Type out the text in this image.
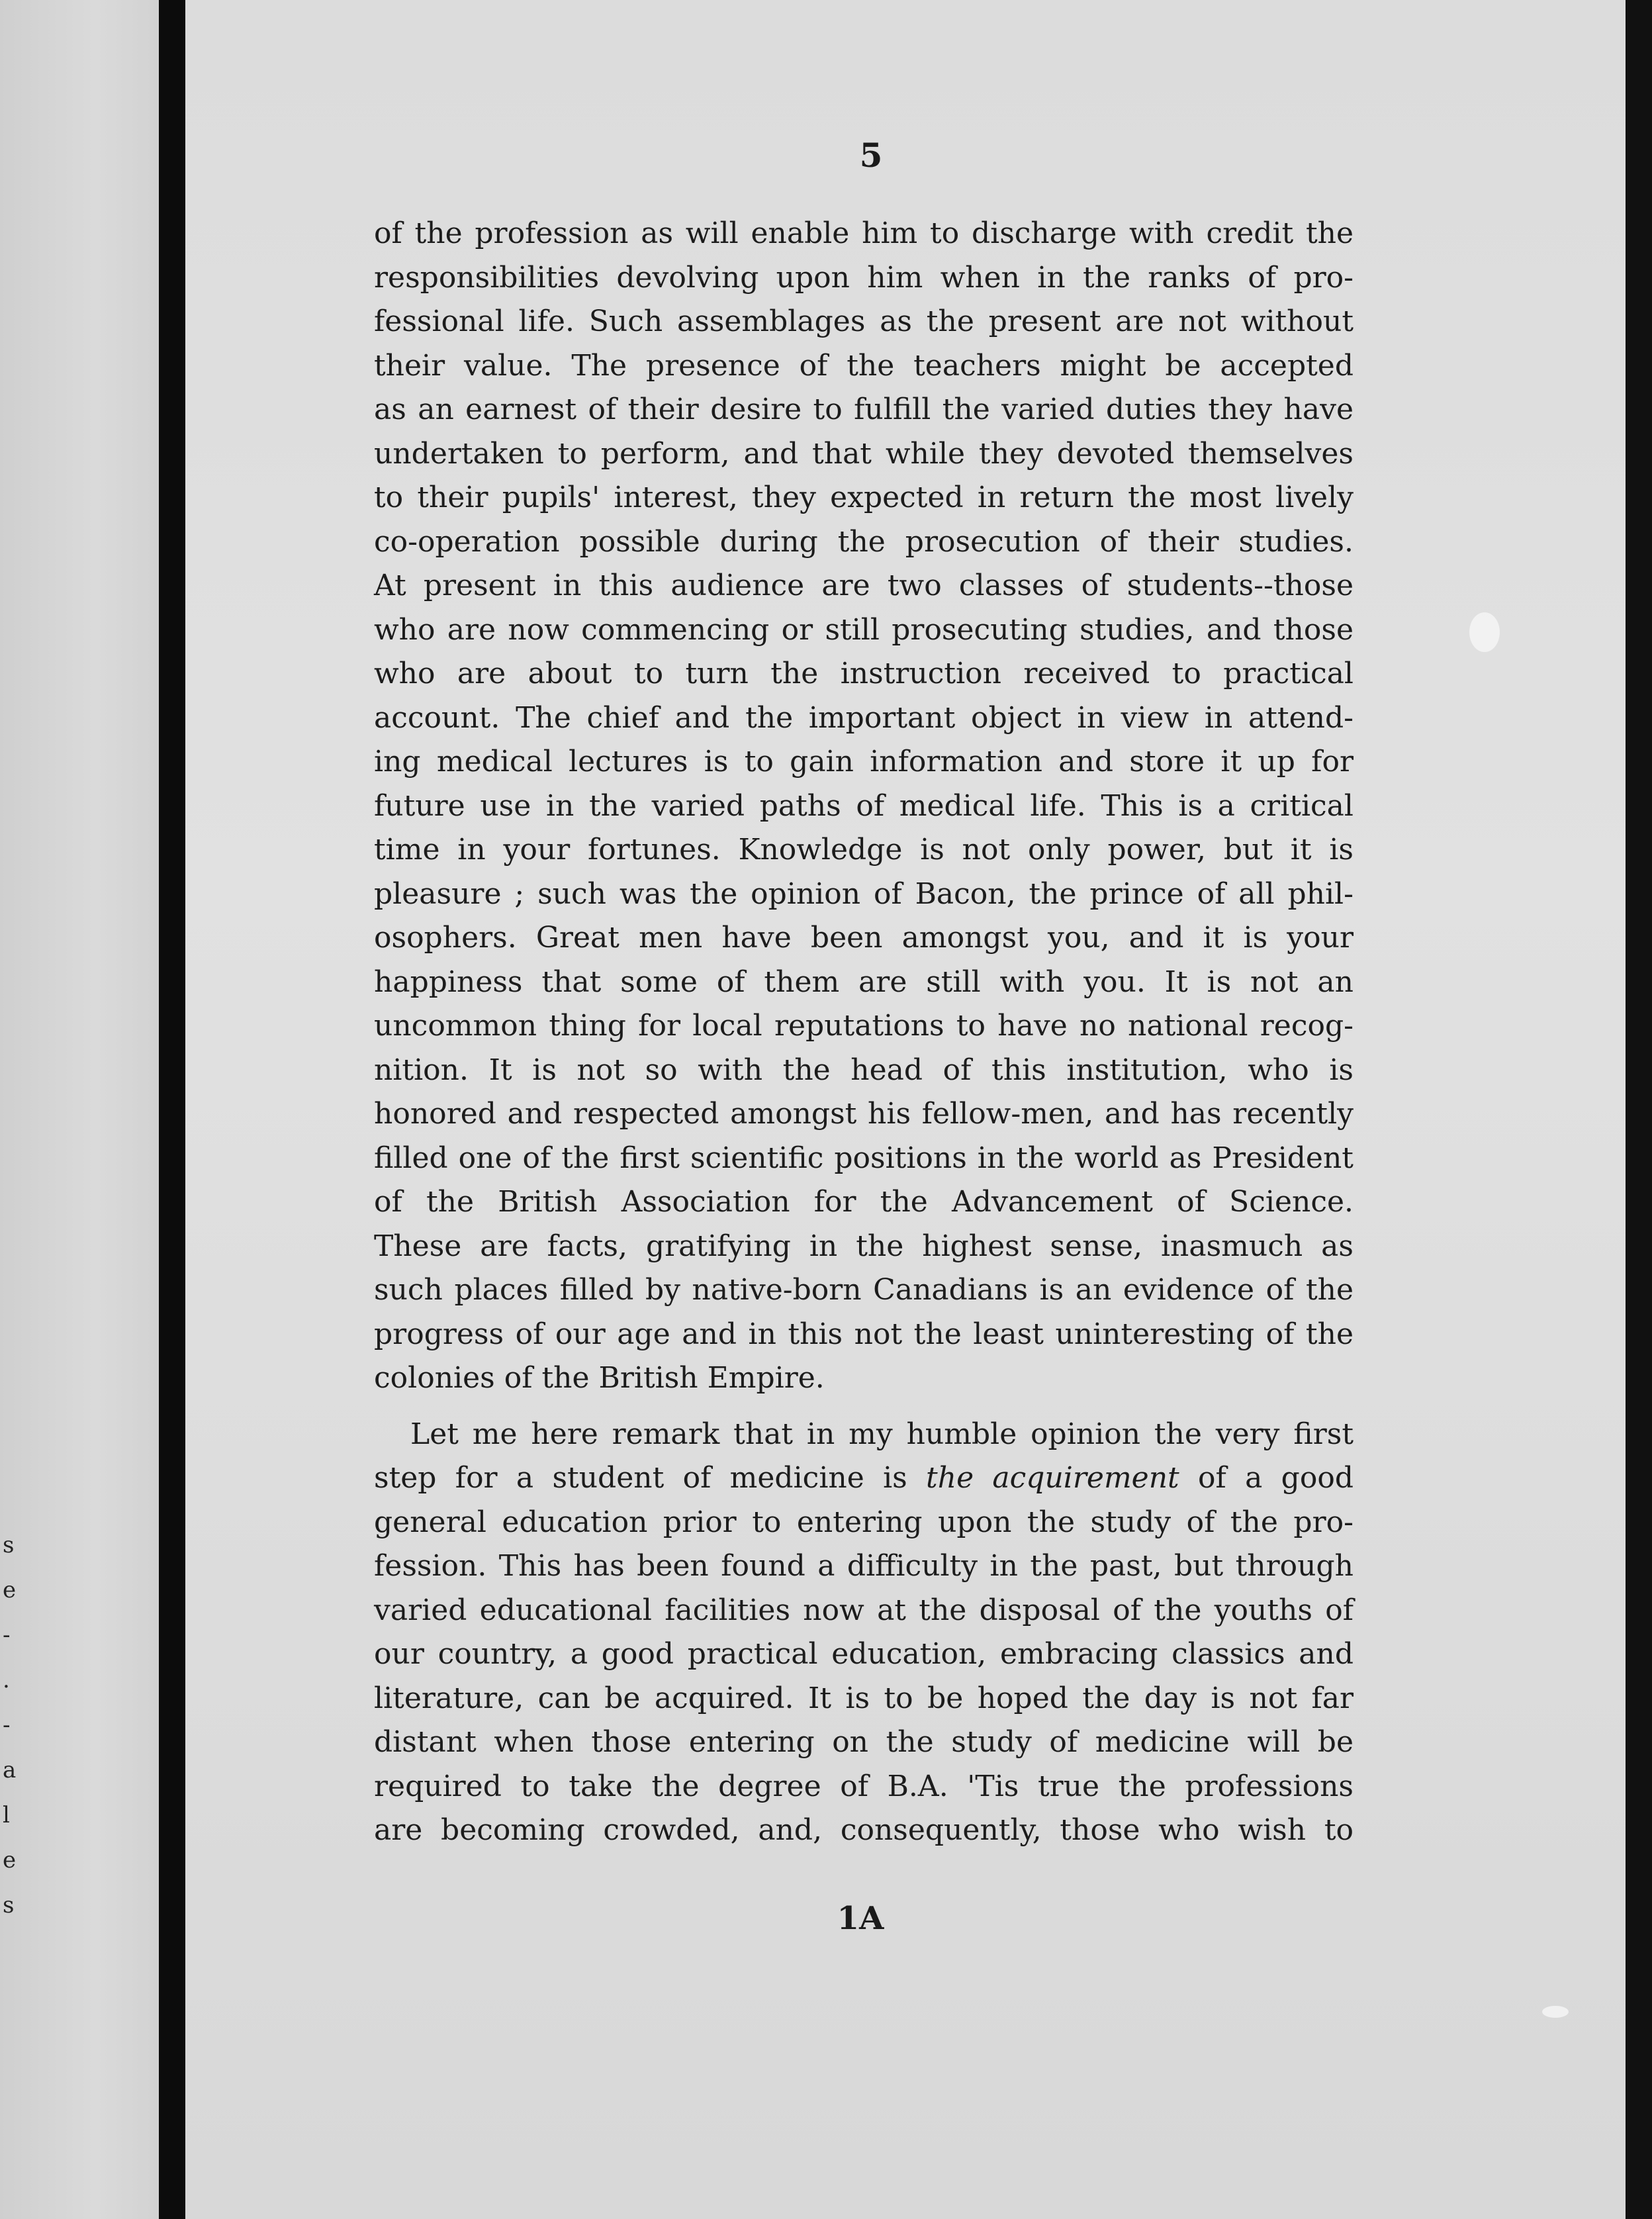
s
e
-
.
-
a
l
e
s
5

of the profession as will enable him to discharge with credit the
responsibilities devolving upon him when in the ranks of pro-
fessional life. Such assemblages as the present are not without
their value. The presence of the teachers might be accepted
as an earnest of their desire to fulfill the varied duties they have
undertaken to perform, and that while they devoted themselves
to their pupils' interest, they expected in return the most lively
co-operation possible during the prosecution of their studies.
At present in this audience are two classes of students--those
who are now commencing or still prosecuting studies, and those
who are about to turn the instruction received to practical
account. The chief and the important object in view in attend-
ing medical lectures is to gain information and store it up for
future use in the varied paths of medical life. This is a critical
time in your fortunes. Knowledge is not only power, but it is
pleasure ; such was the opinion of Bacon, the prince of all phil-
osophers. Great men have been amongst you, and it is your
happiness that some of them are still with you. It is not an
uncommon thing for local reputations to have no national recog-
nition. It is not so with the head of this institution, who is
honored and respected amongst his fellow-men, and has recently
filled one of the first scientific positions in the world as President
of the British Association for the Advancement of Science.
These are facts, gratifying in the highest sense, inasmuch as
such places filled by native-born Canadians is an evidence of the
progress of our age and in this not the least uninteresting of the
colonies of the British Empire.

Let me here remark that in my humble opinion the very first
step for a student of medicine is the acquirement of a good
general education prior to entering upon the study of the pro-
fession. This has been found a difficulty in the past, but through
varied educational facilities now at the disposal of the youths of
our country, a good practical education, embracing classics and
literature, can be acquired. It is to be hoped the day is not far
distant when those entering on the study of medicine will be
required to take the degree of B.A. 'Tis true the professions
are becoming crowded, and, consequently, those who wish to

1A
